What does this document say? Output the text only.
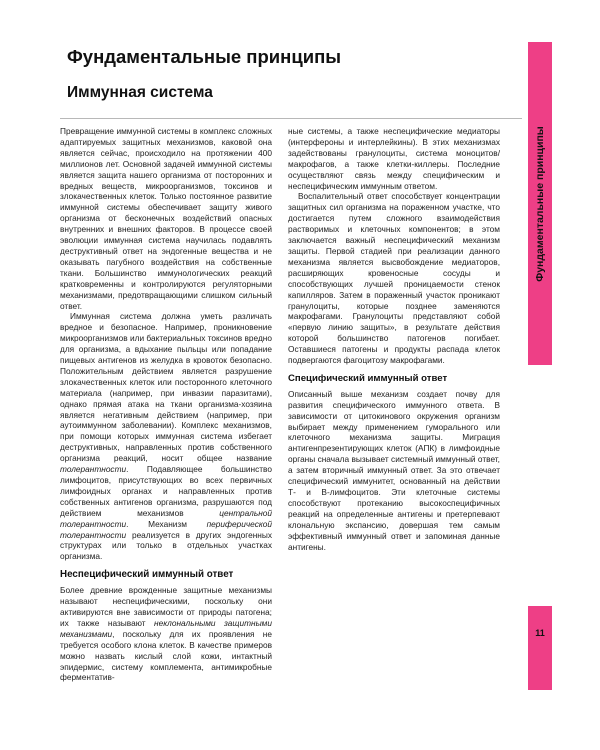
Фундаментальные принципы
Иммунная система

Превращение иммунной системы в комплекс сложных адаптируемых защитных механизмов, каковой она является сейчас, происходило на протяжении 400 миллионов лет. Основной задачей иммунной системы является защита нашего организма от посторонних и вредных веществ, микроорганизмов, токсинов и злокачественных клеток. Только постоянное развитие иммунной системы обеспечивает защиту живого организма от бесконечных воздействий опасных внутренних и внешних факторов. В процессе своей эволюции иммунная система научилась подавлять деструктивный ответ на эндогенные вещества и не оказывать пагубного воздействия на собственные ткани. Большинство иммунологических реакций кратковременны и контролируются регуляторными механизмами, предотвращающими слишком сильный ответ.

Иммунная система должна уметь различать вредное и безопасное. Например, проникновение микроорганизмов или бактериальных токсинов вредно для организма, а вдыхание пыльцы или попадание пищевых антигенов из желудка в кровоток безопасно. Положительным действием является разрушение злокачественных клеток или посторонного клеточного материала (например, при инвазии паразитами), однако прямая атака на ткани организма-хозяина является негативным действием (например, при аутоиммунном заболевании). Комплекс механизмов, при помощи которых иммунная система избегает деструктивных, направленных против собственного организма реакций, носит общее название толерантности. Подавляющее большинство лимфоцитов, присутствующих во всех первичных лимфоидных органах и направленных против собственных антигенов организма, разрушаются под действием механизмов центральной толерантности. Механизм периферической толерантности реализуется в других эндогенных структурах или только в отдельных участках организма.

Неспецифический иммунный ответ

Более древние врожденные защитные механизмы называют неспецифическими, поскольку они активируются вне зависимости от природы патогена; их также называют неклональными защитными механизмами, поскольку для их проявления не требуется особого клона клеток. В качестве примеров можно назвать кислый слой кожи, интактный эпидермис, систему комплемента, антимикробные ферментатив-

ные системы, а также неспецифические медиаторы (интерфероны и интерлейкины). В этих механизмах задействованы гранулоциты, система моноцитов/макрофагов, а также клетки-киллеры. Последние осуществляют связь между специфическим и неспецифическим иммунным ответом.

Воспалительный ответ способствует концентрации защитных сил организма на пораженном участке, что достигается путем сложного взаимодействия растворимых и клеточных компонентов; в этом заключается важный неспецифический механизм защиты. Первой стадией при реализации данного механизма является высвобождение медиаторов, расширяющих кровеносные сосуды и способствующих лучшей проницаемости стенок капилляров. Затем в пораженный участок проникают гранулоциты, которые позднее заменяются макрофагами. Гранулоциты представляют собой «первую линию защиты», в результате действия которой большинство патогенов погибает. Оставшиеся патогены и продукты распада клеток подвергаются фагоцитозу макрофагами.

Специфический иммунный ответ

Описанный выше механизм создает почву для развития специфического иммунного ответа. В зависимости от цитокинового окружения организм выбирает между применением гуморального или клеточного механизма защиты. Миграция антигенпрезентирующих клеток (АПК) в лимфоидные органы сначала вызывает системный иммунный ответ, а затем вторичный иммунный ответ. За это отвечает специфический иммунитет, основанный на действии Т- и В-лимфоцитов. Эти клеточные системы способствуют протеканию высокоспецифичных реакций на определенные антигены и претерпевают клональную экспансию, довершая тем самым эффективный иммунный ответ и запоминая данные антигены.

Фундаментальные принципы
11
